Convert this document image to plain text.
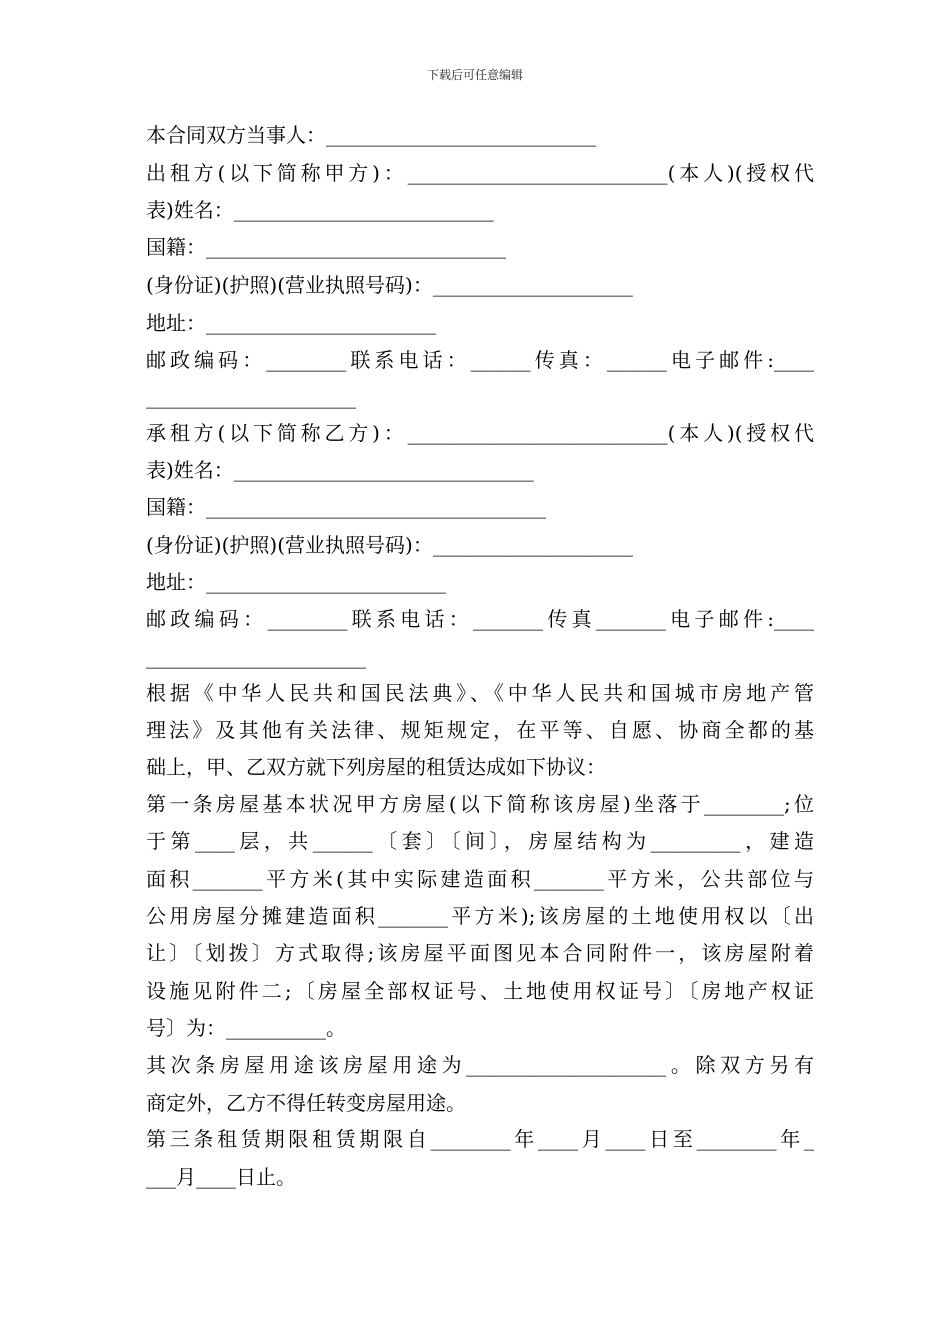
下载后可任意编辑
本合同双方当事人：___________________________
出租方(以下简称甲方)：__________________________(本人)(授权代
表)姓名：__________________________
国籍：______________________________
(身份证)(护照)(营业执照号码)：____________________
地址：_______________________
邮政编码：________联系电话：______传真：______电子邮件:____
_____________________
承租方(以下简称乙方)：__________________________(本人)(授权代
表)姓名：______________________________
国籍：__________________________________
(身份证)(护照)(营业执照号码)：____________________
地址：________________________
邮政编码：________联系电话：_______传真_______电子邮件:____
______________________
根据《中华人民共和国民法典》、《中华人民共和国城市房地产管
理法》及其他有关法律、规矩规定，在平等、自愿、协商全都的基
础上，甲、乙双方就下列房屋的租赁达成如下协议：
第一条房屋基本状况甲方房屋(以下简称该房屋)坐落于________;位
于第____层，共______〔套〕〔间〕，房屋结构为_________，建造
面积_______平方米(其中实际建造面积_______平方米，公共部位与
公用房屋分摊建造面积_______平方米);该房屋的土地使用权以〔出
让〕〔划拨〕方式取得;该房屋平面图见本合同附件一，该房屋附着
设施见附件二;〔房屋全部权证号、土地使用权证号〕〔房地产权证
号〕为：__________。
其次条房屋用途该房屋用途为____________________。除双方另有
商定外，乙方不得任转变房屋用途。
第三条租赁期限租赁期限自________年____月____日至________年_
___月____日止。
